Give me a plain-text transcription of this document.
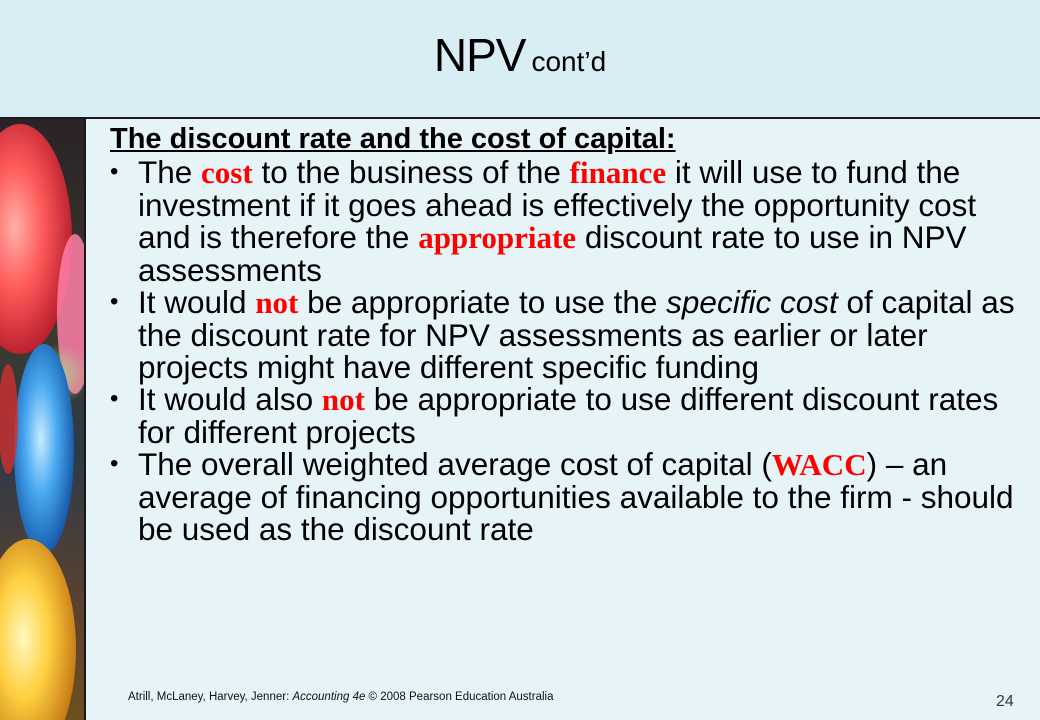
NPV cont’d
The discount rate and the cost of capital:
• The cost to the business of the finance it will use to fund the investment if it goes ahead is effectively the opportunity cost and is therefore the appropriate discount rate to use in NPV assessments
• It would not be appropriate to use the specific cost of capital as the discount rate for NPV assessments as earlier or later projects might have different specific funding
• It would also not be appropriate to use different discount rates for different projects
• The overall weighted average cost of capital (WACC) – an average of financing opportunities available to the firm - should be used as the discount rate
Atrill, McLaney, Harvey, Jenner: Accounting 4e © 2008 Pearson Education Australia	24
